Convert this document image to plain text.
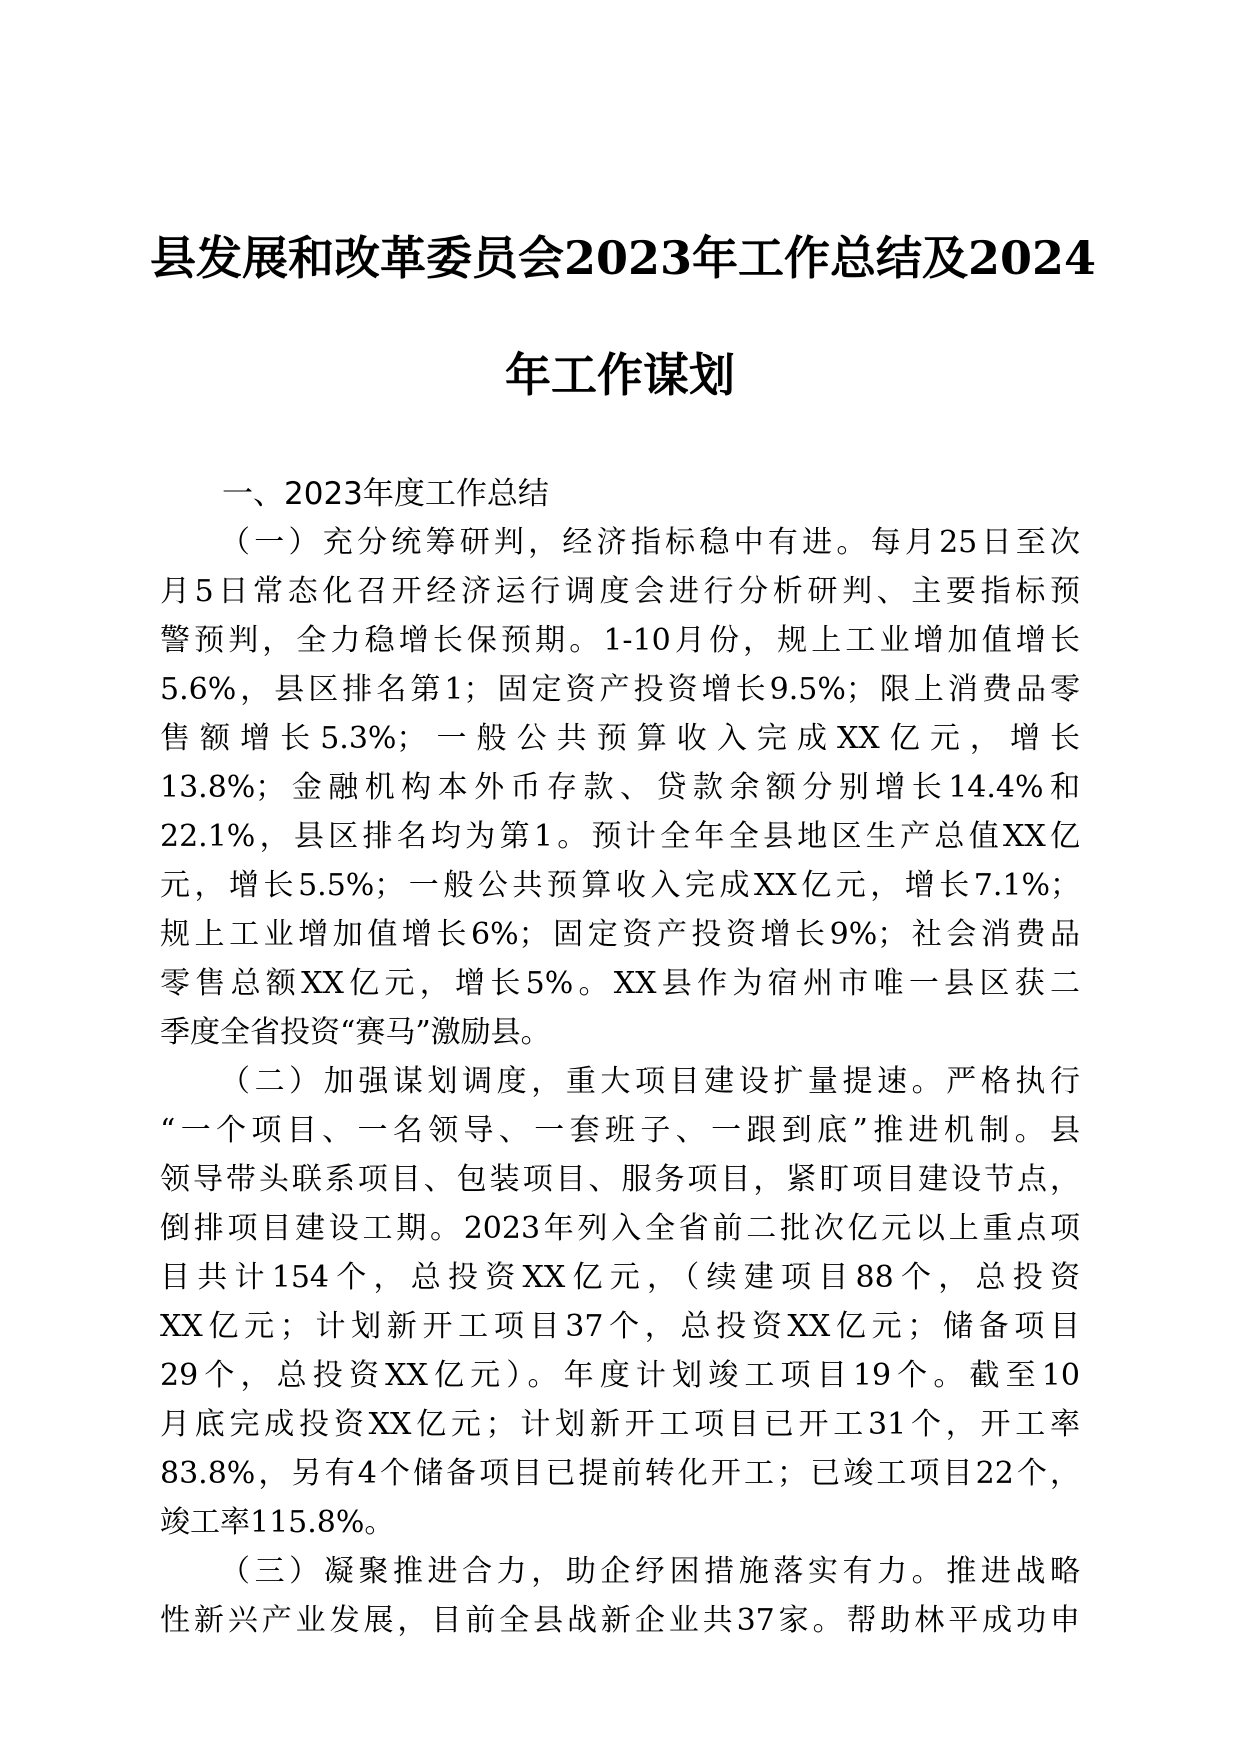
县发展和改革委员会2023年工作总结及2024
年工作谋划
一、2023年度工作总结
（一）充分统筹研判，经济指标稳中有进。每月25日至次
月5日常态化召开经济运行调度会进行分析研判、主要指标预
警预判，全力稳增长保预期。1-10月份，规上工业增加值增长
5.6%，县区排名第1；固定资产投资增长9.5%；限上消费品零
售额增长5.3%；一般公共预算收入完成XX亿元，增长
13.8%；金融机构本外币存款、贷款余额分别增长14.4%和
22.1%，县区排名均为第1。预计全年全县地区生产总值XX亿
元，增长5.5%；一般公共预算收入完成XX亿元，增长7.1%；
规上工业增加值增长6%；固定资产投资增长9%；社会消费品
零售总额XX亿元，增长5%。XX县作为宿州市唯一县区获二
季度全省投资“赛马”激励县。
（二）加强谋划调度，重大项目建设扩量提速。严格执行
“一个项目、一名领导、一套班子、一跟到底”推进机制。县
领导带头联系项目、包装项目、服务项目，紧盯项目建设节点，
倒排项目建设工期。2023年列入全省前二批次亿元以上重点项
目共计154个，总投资XX亿元，（续建项目88个，总投资
XX亿元；计划新开工项目37个，总投资XX亿元；储备项目
29个，总投资XX亿元）。年度计划竣工项目19个。截至10
月底完成投资XX亿元；计划新开工项目已开工31个，开工率
83.8%，另有4个储备项目已提前转化开工；已竣工项目22个，
竣工率115.8%。
（三）凝聚推进合力，助企纾困措施落实有力。推进战略
性新兴产业发展，目前全县战新企业共37家。帮助林平成功申
